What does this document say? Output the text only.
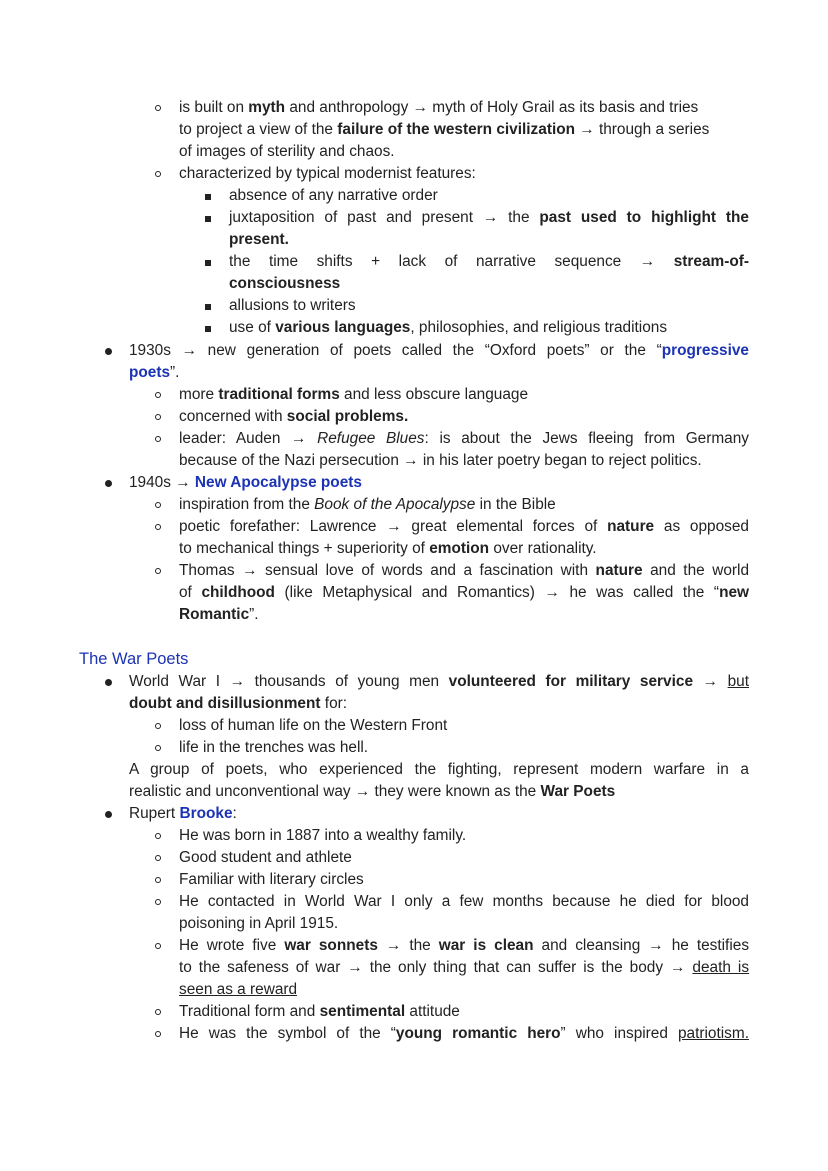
is built on myth and anthropology → myth of Holy Grail as its basis and tries
to project a view of the failure of the western civilization → through a series
of images of sterility and chaos.
characterized by typical modernist features:
absence of any narrative order
juxtaposition of past and present → the past used to highlight the
present.
the time shifts + lack of narrative sequence → stream-of-
consciousness
allusions to writers
use of various languages, philosophies, and religious traditions
1930s → new generation of poets called the “Oxford poets” or the “progressive
poets”.
more traditional forms and less obscure language
concerned with social problems.
leader: Auden → Refugee Blues: is about the Jews fleeing from Germany
because of the Nazi persecution → in his later poetry began to reject politics.
1940s → New Apocalypse poets
inspiration from the Book of the Apocalypse in the Bible
poetic forefather: Lawrence → great elemental forces of nature as opposed
to mechanical things + superiority of emotion over rationality.
Thomas → sensual love of words and a fascination with nature and the world
of childhood (like Metaphysical and Romantics) → he was called the “new
Romantic”.
The War Poets
World War I → thousands of young men volunteered for military service → but
doubt and disillusionment for:
loss of human life on the Western Front
life in the trenches was hell.
A group of poets, who experienced the fighting, represent modern warfare in a
realistic and unconventional way → they were known as the War Poets
Rupert Brooke:
He was born in 1887 into a wealthy family.
Good student and athlete
Familiar with literary circles
He contacted in World War I only a few months because he died for blood
poisoning in April 1915.
He wrote five war sonnets → the war is clean and cleansing → he testifies
to the safeness of war → the only thing that can suffer is the body → death is
seen as a reward
Traditional form and sentimental attitude
He was the symbol of the “young romantic hero” who inspired patriotism.
